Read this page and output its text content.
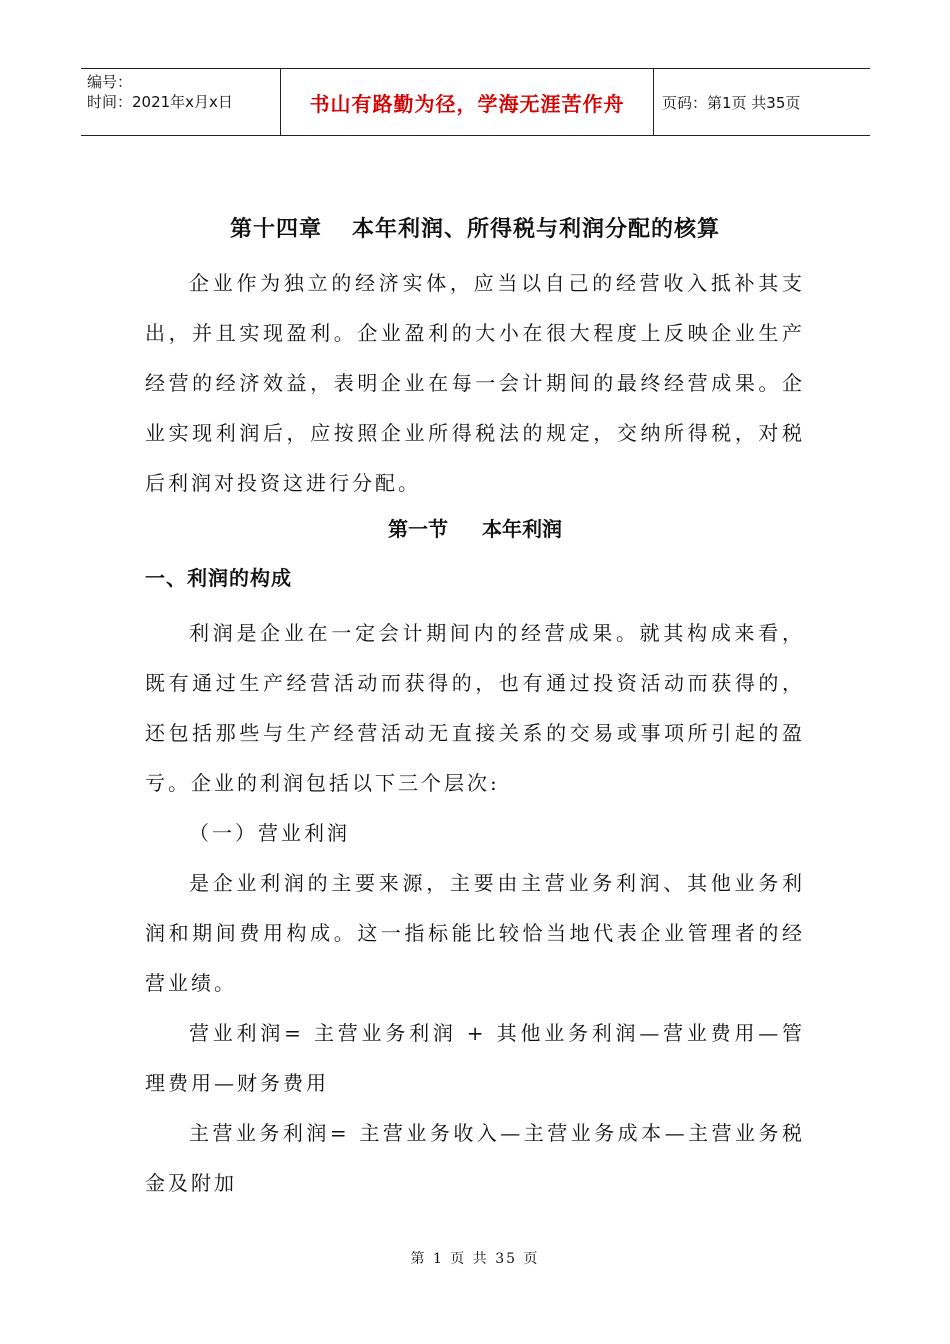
编号：
时间：2021年x月x日	书山有路勤为径，学海无涯苦作舟	页码：第1页 共35页
第十四章 本年利润、所得税与利润分配的核算

企业作为独立的经济实体，应当以自己的经营收入抵补其支出，并且实现盈利。企业盈利的大小在很大程度上反映企业生产经营的经济效益，表明企业在每一会计期间的最终经营成果。企业实现利润后，应按照企业所得税法的规定，交纳所得税，对税后利润对投资这进行分配。

第一节 本年利润
一、利润的构成

利润是企业在一定会计期间内的经营成果。就其构成来看，既有通过生产经营活动而获得的，也有通过投资活动而获得的，还包括那些与生产经营活动无直接关系的交易或事项所引起的盈亏。企业的利润包括以下三个层次:

（一）营业利润

是企业利润的主要来源，主要由主营业务利润、其他业务利润和期间费用构成。这一指标能比较恰当地代表企业管理者的经营业绩。

营业利润= 主营业务利润 + 其他业务利润—营业费用—管理费用—财务费用

主营业务利润= 主营业务收入—主营业务成本—主营业务税金及附加

第 1 页 共 35 页
